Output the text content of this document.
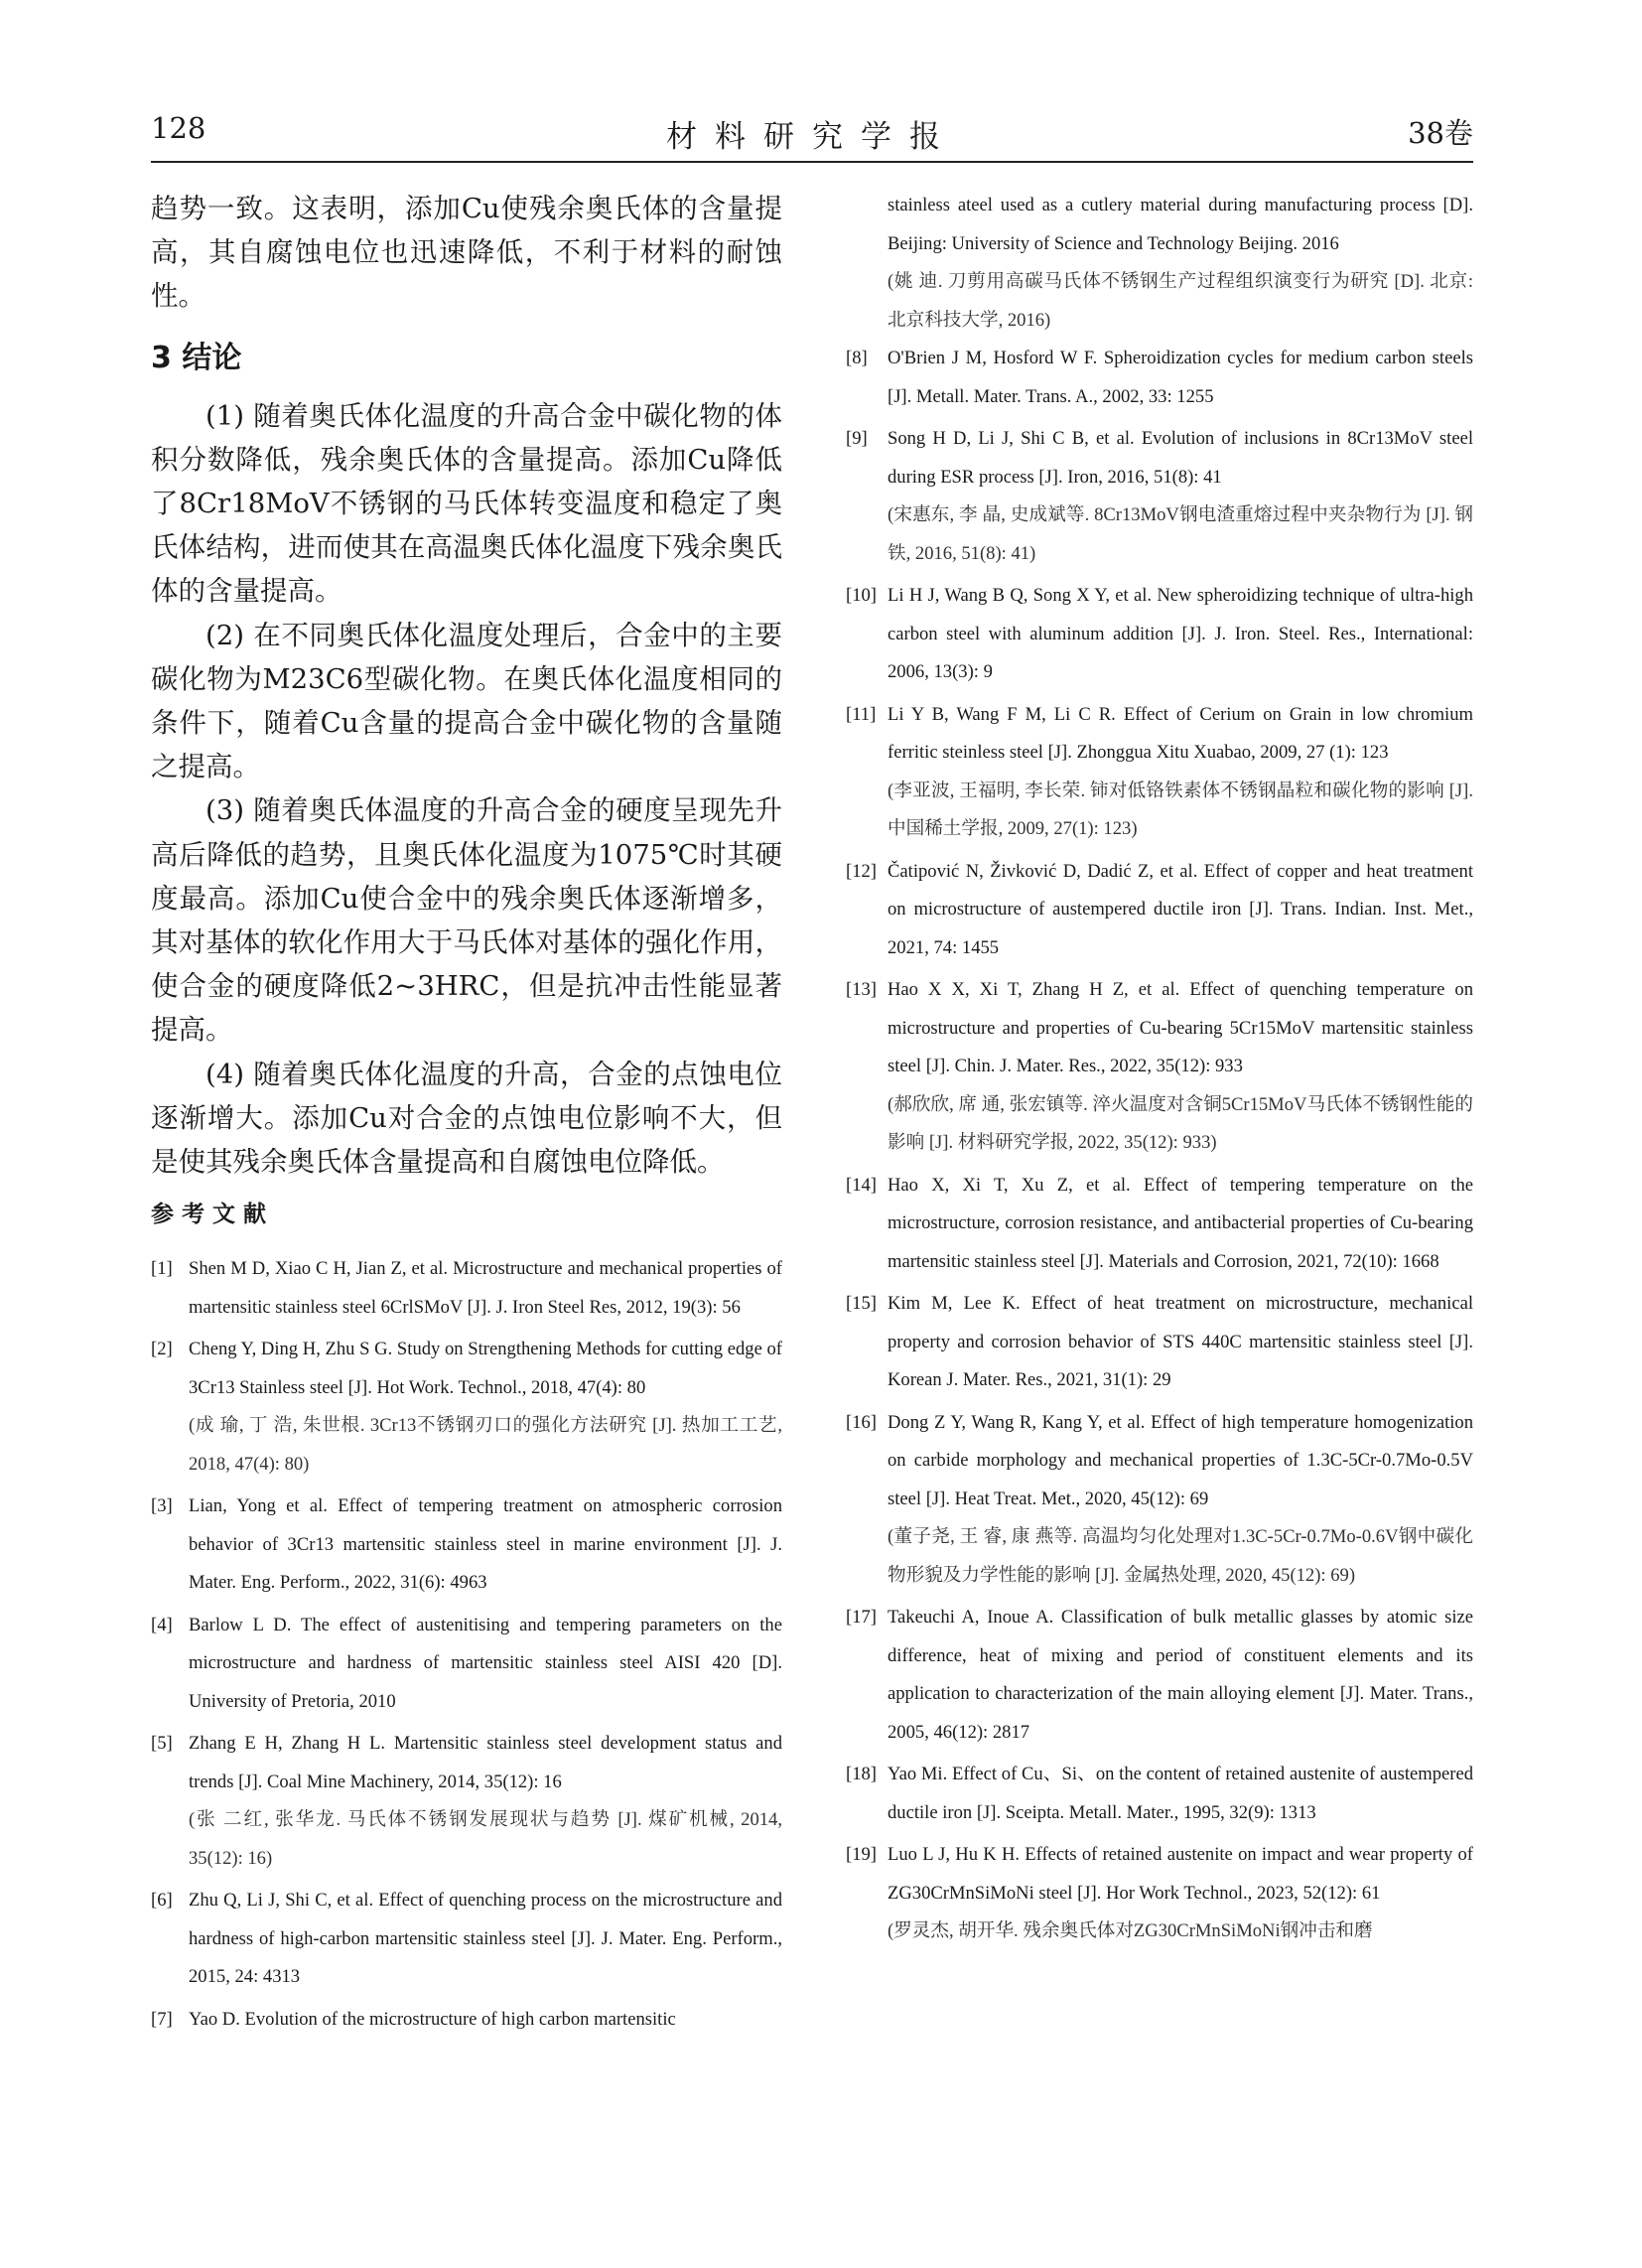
128	材料研究学报	38卷

趋势一致。这表明，添加Cu使残余奥氏体的含量提高，其自腐蚀电位也迅速降低，不利于材料的耐蚀性。

3 结论

(1) 随着奥氏体化温度的升高合金中碳化物的体积分数降低，残余奥氏体的含量提高。添加Cu降低了8Cr18MoV不锈钢的马氏体转变温度和稳定了奥氏体结构，进而使其在高温奥氏体化温度下残余奥氏体的含量提高。

(2) 在不同奥氏体化温度处理后，合金中的主要碳化物为M23C6型碳化物。在奥氏体化温度相同的条件下，随着Cu含量的提高合金中碳化物的含量随之提高。

(3) 随着奥氏体温度的升高合金的硬度呈现先升高后降低的趋势，且奥氏体化温度为1075℃时其硬度最高。添加Cu使合金中的残余奥氏体逐渐增多，其对基体的软化作用大于马氏体对基体的强化作用，使合金的硬度降低2~3HRC，但是抗冲击性能显著提高。

(4) 随着奥氏体化温度的升高，合金的点蚀电位逐渐增大。添加Cu对合金的点蚀电位影响不大，但是使其残余奥氏体含量提高和自腐蚀电位降低。

参考文献
[1] Shen M D, Xiao C H, Jian Z, et al. Microstructure and mechanical properties of martensitic stainless steel 6CrlSMoV [J]. J. Iron Steel Res, 2012, 19(3): 56
[2] Cheng Y, Ding H, Zhu S G. Study on Strengthening Methods for cutting edge of 3Cr13 Stainless steel [J]. Hot Work. Technol., 2018, 47(4): 80
(成 瑜, 丁 浩, 朱世根. 3Cr13不锈钢刃口的强化方法研究 [J]. 热加工工艺, 2018, 47(4): 80)
[3] Lian, Yong et al. Effect of tempering treatment on atmospheric corrosion behavior of 3Cr13 martensitic stainless steel in marine environment [J]. J. Mater. Eng. Perform., 2022, 31(6): 4963
[4] Barlow L D. The effect of austenitising and tempering parameters on the microstructure and hardness of martensitic stainless steel AISI 420 [D]. University of Pretoria, 2010
[5] Zhang E H, Zhang H L. Martensitic stainless steel development status and trends [J]. Coal Mine Machinery, 2014, 35(12): 16
(张 二红, 张华龙. 马氏体不锈钢发展现状与趋势 [J]. 煤矿机械, 2014, 35(12): 16)
[6] Zhu Q, Li J, Shi C, et al. Effect of quenching process on the microstructure and hardness of high-carbon martensitic stainless steel [J]. J. Mater. Eng. Perform., 2015, 24: 4313
[7] Yao D. Evolution of the microstructure of high carbon martensitic
stainless ateel used as a cutlery material during manufacturing process [D]. Beijing: University of Science and Technology Beijing. 2016
(姚 迪. 刀剪用高碳马氏体不锈钢生产过程组织演变行为研究 [D]. 北京: 北京科技大学, 2016)
[8] O'Brien J M, Hosford W F. Spheroidization cycles for medium carbon steels [J]. Metall. Mater. Trans. A., 2002, 33: 1255
[9] Song H D, Li J, Shi C B, et al. Evolution of inclusions in 8Cr13MoV steel during ESR process [J]. Iron, 2016, 51(8): 41
(宋惠东, 李 晶, 史成斌等. 8Cr13MoV钢电渣重熔过程中夹杂物行为 [J]. 钢铁, 2016, 51(8): 41)
[10] Li H J, Wang B Q, Song X Y, et al. New spheroidizing technique of ultra-high carbon steel with aluminum addition [J]. J. Iron. Steel. Res., International: 2006, 13(3): 9
[11] Li Y B, Wang F M, Li C R. Effect of Cerium on Grain in low chromium ferritic steinless steel [J]. Zhonggua Xitu Xuabao, 2009, 27 (1): 123
(李亚波, 王福明, 李长荣. 铈对低铬铁素体不锈钢晶粒和碳化物的影响 [J]. 中国稀土学报, 2009, 27(1): 123)
[12] Čatipović N, Živković D, Dadić Z, et al. Effect of copper and heat treatment on microstructure of austempered ductile iron [J]. Trans. Indian. Inst. Met., 2021, 74: 1455
[13] Hao X X, Xi T, Zhang H Z, et al. Effect of quenching temperature on microstructure and properties of Cu-bearing 5Cr15MoV martensitic stainless steel [J]. Chin. J. Mater. Res., 2022, 35(12): 933
(郝欣欣, 席 通, 张宏镇等. 淬火温度对含铜5Cr15MoV马氏体不锈钢性能的影响 [J]. 材料研究学报, 2022, 35(12): 933)
[14] Hao X, Xi T, Xu Z, et al. Effect of tempering temperature on the microstructure, corrosion resistance, and antibacterial properties of Cu-bearing martensitic stainless steel [J]. Materials and Corrosion, 2021, 72(10): 1668
[15] Kim M, Lee K. Effect of heat treatment on microstructure, mechanical property and corrosion behavior of STS 440C martensitic stainless steel [J]. Korean J. Mater. Res., 2021, 31(1): 29
[16] Dong Z Y, Wang R, Kang Y, et al. Effect of high temperature homogenization on carbide morphology and mechanical properties of 1.3C-5Cr-0.7Mo-0.5V steel [J]. Heat Treat. Met., 2020, 45(12): 69
(董子尧, 王 睿, 康 燕等. 高温均匀化处理对1.3C-5Cr-0.7Mo-0.6V钢中碳化物形貌及力学性能的影响 [J]. 金属热处理, 2020, 45(12): 69)
[17] Takeuchi A, Inoue A. Classification of bulk metallic glasses by atomic size difference, heat of mixing and period of constituent elements and its application to characterization of the main alloying element [J]. Mater. Trans., 2005, 46(12): 2817
[18] Yao Mi. Effect of Cu、Si、on the content of retained austenite of austempered ductile iron [J]. Sceipta. Metall. Mater., 1995, 32(9): 1313
[19] Luo L J, Hu K H. Effects of retained austenite on impact and wear property of ZG30CrMnSiMoNi steel [J]. Hor Work Technol., 2023, 52(12): 61
(罗灵杰, 胡开华. 残余奥氏体对ZG30CrMnSiMoNi钢冲击和磨
